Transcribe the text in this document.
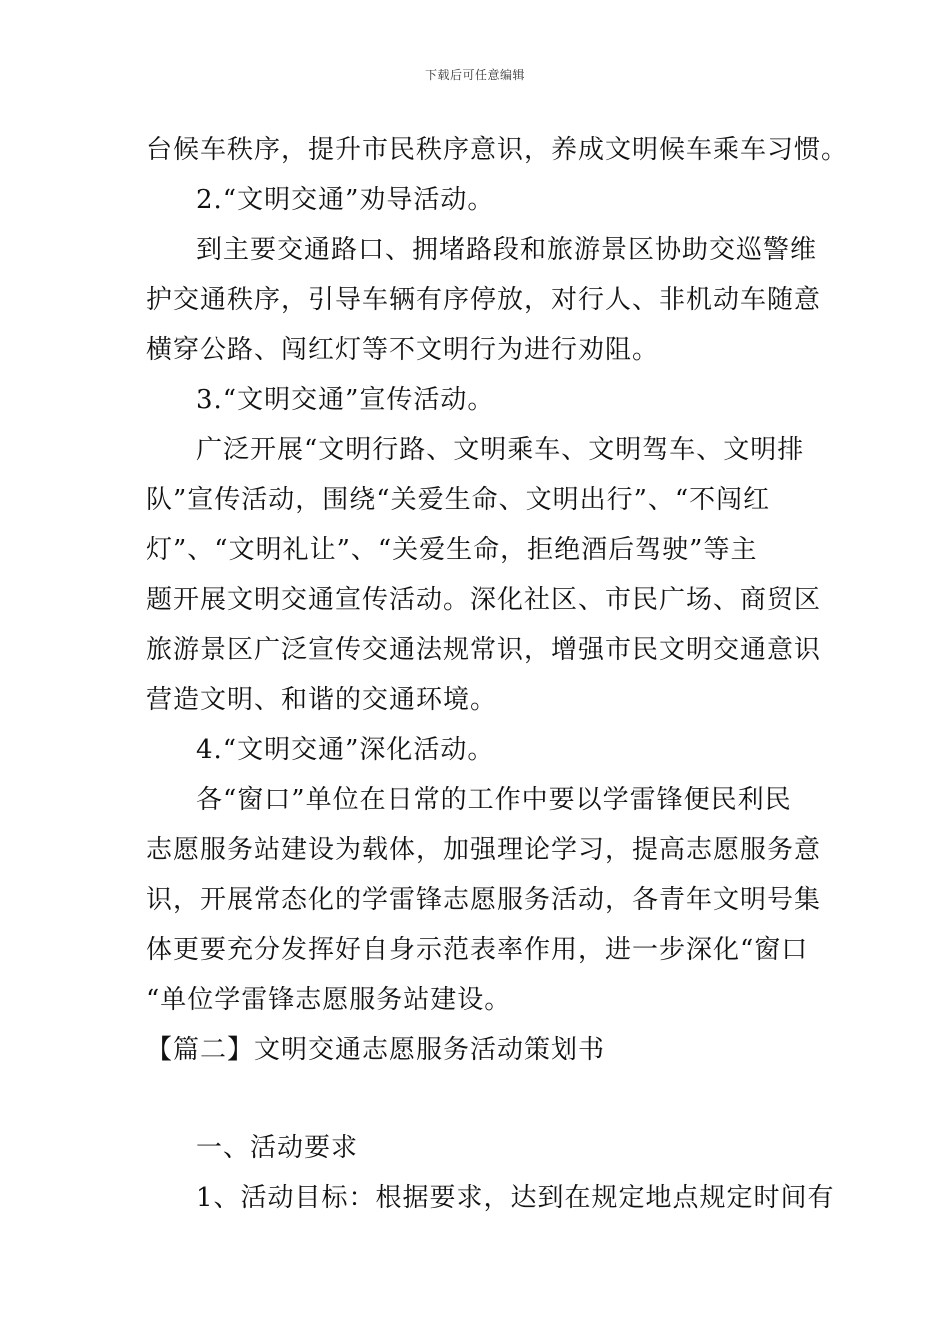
下载后可任意编辑
台候车秩序，提升市民秩序意识，养成文明候车乘车习惯。
2.“文明交通”劝导活动。
到主要交通路口、拥堵路段和旅游景区协助交巡警维
护交通秩序，引导车辆有序停放，对行人、非机动车随意
横穿公路、闯红灯等不文明行为进行劝阻。
3.“文明交通”宣传活动。
广泛开展“文明行路、文明乘车、文明驾车、文明排
队”宣传活动，围绕“关爱生命、文明出行”、“不闯红
灯”、“文明礼让”、“关爱生命，拒绝酒后驾驶”等主
题开展文明交通宣传活动。深化社区、市民广场、商贸区
旅游景区广泛宣传交通法规常识，增强市民文明交通意识
营造文明、和谐的交通环境。
4.“文明交通”深化活动。
各“窗口”单位在日常的工作中要以学雷锋便民利民
志愿服务站建设为载体，加强理论学习，提高志愿服务意
识，开展常态化的学雷锋志愿服务活动，各青年文明号集
体更要充分发挥好自身示范表率作用，进一步深化“窗口
“单位学雷锋志愿服务站建设。
【篇二】文明交通志愿服务活动策划书
一、活动要求
1、活动目标：根据要求，达到在规定地点规定时间有
